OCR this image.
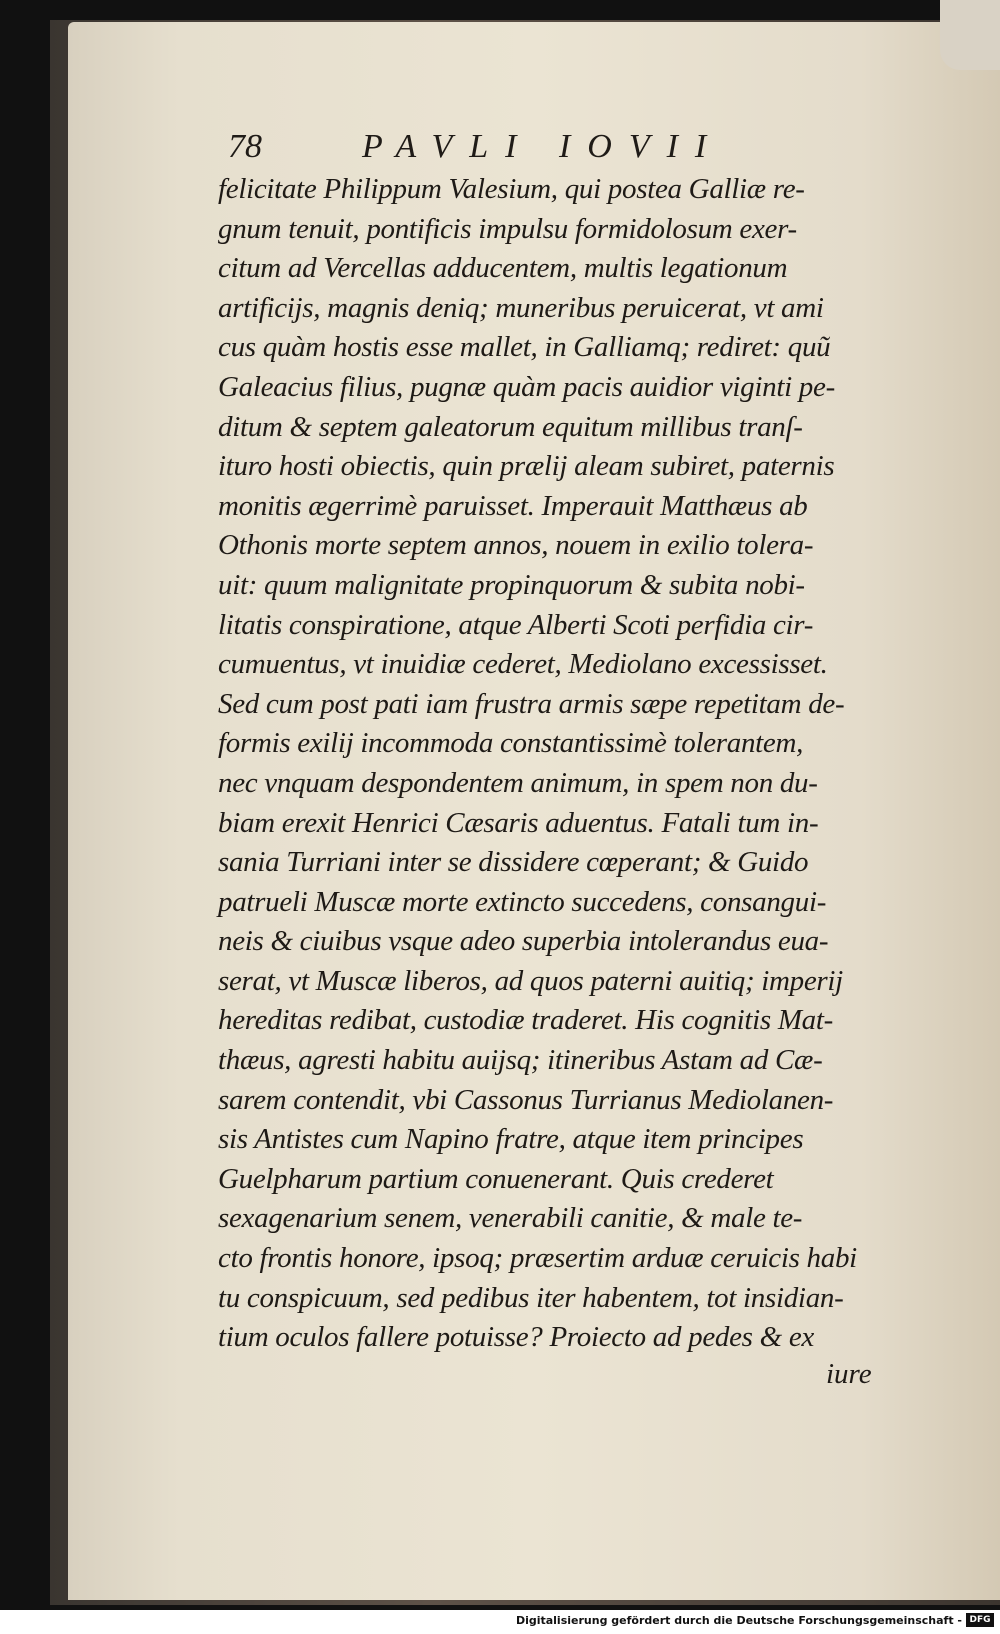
78	PAVLI IOVII
felicitate Philippum Valesium, qui postea Galliæ re-
gnum tenuit, pontificis impulsu formidolosum exer-
citum ad Vercellas adducentem, multis legationum
artificijs, magnis deniq; muneribus peruicerat, vt ami
cus quàm hostis esse mallet, in Galliamq; rediret: quũ
Galeacius filius, pugnæ quàm pacis auidior viginti pe-
ditum & septem galeatorum equitum millibus tranſ-
ituro hosti obiectis, quin prælij aleam subiret, paternis
monitis ægerrimè paruisset. Imperauit Matthæus ab
Othonis morte septem annos, nouem in exilio tolera-
uit: quum malignitate propinquorum & subita nobi-
litatis conspiratione, atque Alberti Scoti perfidia cir-
cumuentus, vt inuidiæ cederet, Mediolano excessisset.
Sed cum post pati iam frustra armis sæpe repetitam de-
formis exilij incommoda constantissimè tolerantem,
nec vnquam despondentem animum, in spem non du-
biam erexit Henrici Cæsaris aduentus. Fatali tum in-
sania Turriani inter se dissidere cœperant; & Guido
patrueli Muscæ morte extincto succedens, consangui-
neis & ciuibus vsque adeo superbia intolerandus eua-
serat, vt Muscæ liberos, ad quos paterni auitiq; imperij
hereditas redibat, custodiæ traderet. His cognitis Mat-
thæus, agresti habitu auijsq; itineribus Astam ad Cæ-
sarem contendit, vbi Cassonus Turrianus Mediolanen-
sis Antistes cum Napino fratre, atque item principes
Guelpharum partium conuenerant. Quis crederet
sexagenarium senem, venerabili canitie, & male te-
cto frontis honore, ipsoq; præsertim arduæ ceruicis habi
tu conspicuum, sed pedibus iter habentem, tot insidian-
tium oculos fallere potuisse? Proiecto ad pedes & ex
iure
Digitalisierung gefördert durch die Deutsche Forschungsgemeinschaft - DFG
